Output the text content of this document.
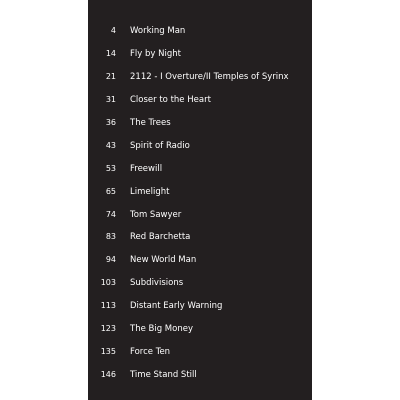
4 Working Man
14 Fly by Night
21 2112 - I Overture/II Temples of Syrinx
31 Closer to the Heart
36 The Trees
43 Spirit of Radio
53 Freewill
65 Limelight
74 Tom Sawyer
83 Red Barchetta
94 New World Man
103 Subdivisions
113 Distant Early Warning
123 The Big Money
135 Force Ten
146 Time Stand Still
